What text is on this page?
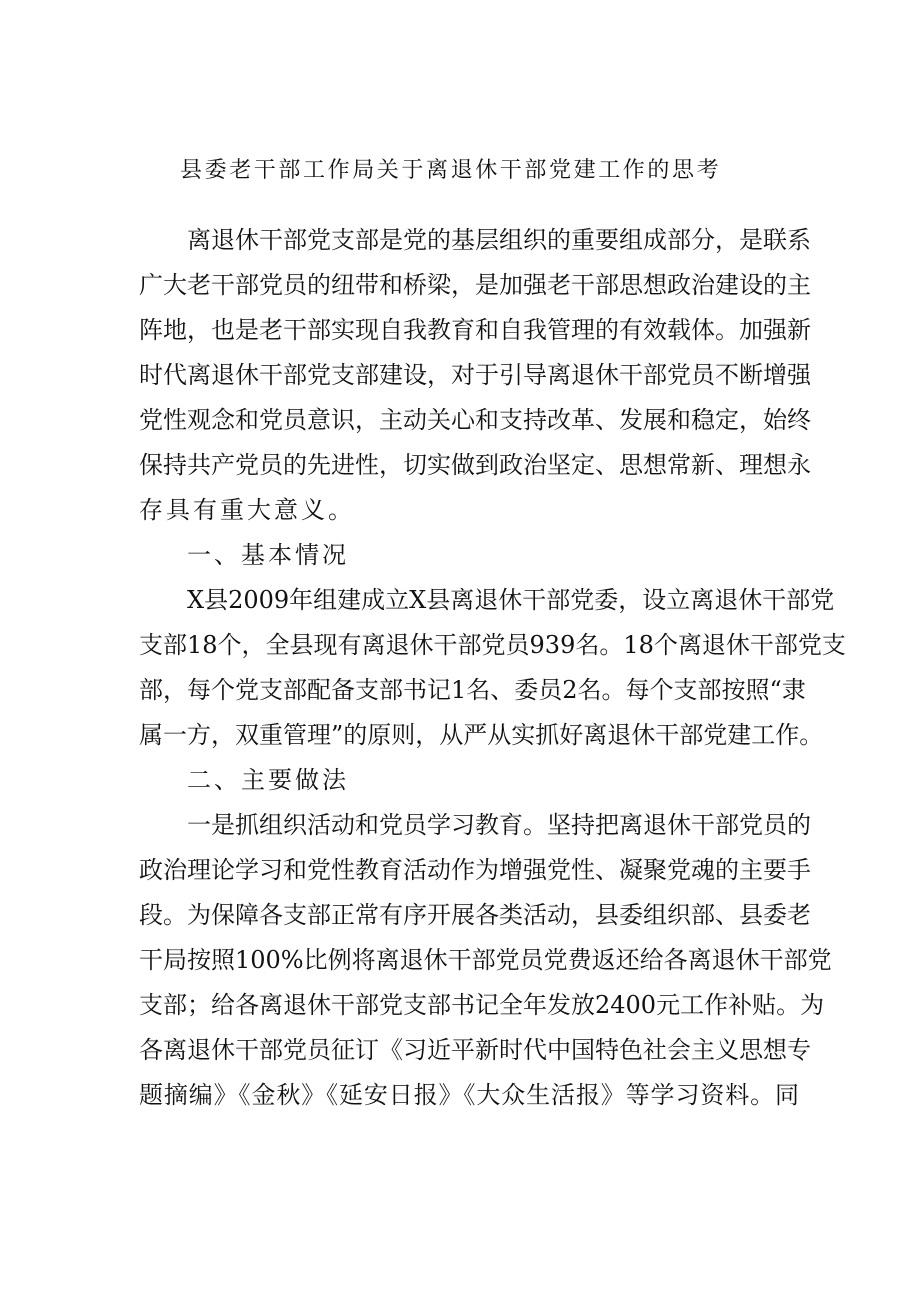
县委老干部工作局关于离退休干部党建工作的思考
离退休干部党支部是党的基层组织的重要组成部分，是联系
广大老干部党员的纽带和桥梁，是加强老干部思想政治建设的主
阵地，也是老干部实现自我教育和自我管理的有效载体。加强新
时代离退休干部党支部建设，对于引导离退休干部党员不断增强
党性观念和党员意识，主动关心和支持改革、发展和稳定，始终
保持共产党员的先进性，切实做到政治坚定、思想常新、理想永
存具有重大意义。
一、基本情况
X县2009年组建成立X县离退休干部党委，设立离退休干部党
支部18个，全县现有离退休干部党员939名。18个离退休干部党支
部，每个党支部配备支部书记1名、委员2名。每个支部按照“隶
属一方，双重管理”的原则，从严从实抓好离退休干部党建工作。
二、主要做法
一是抓组织活动和党员学习教育。坚持把离退休干部党员的
政治理论学习和党性教育活动作为增强党性、凝聚党魂的主要手
段。为保障各支部正常有序开展各类活动，县委组织部、县委老
干局按照100%比例将离退休干部党员党费返还给各离退休干部党
支部；给各离退休干部党支部书记全年发放2400元工作补贴。为
各离退休干部党员征订《习近平新时代中国特色社会主义思想专
题摘编》《金秋》《延安日报》《大众生活报》等学习资料。同
